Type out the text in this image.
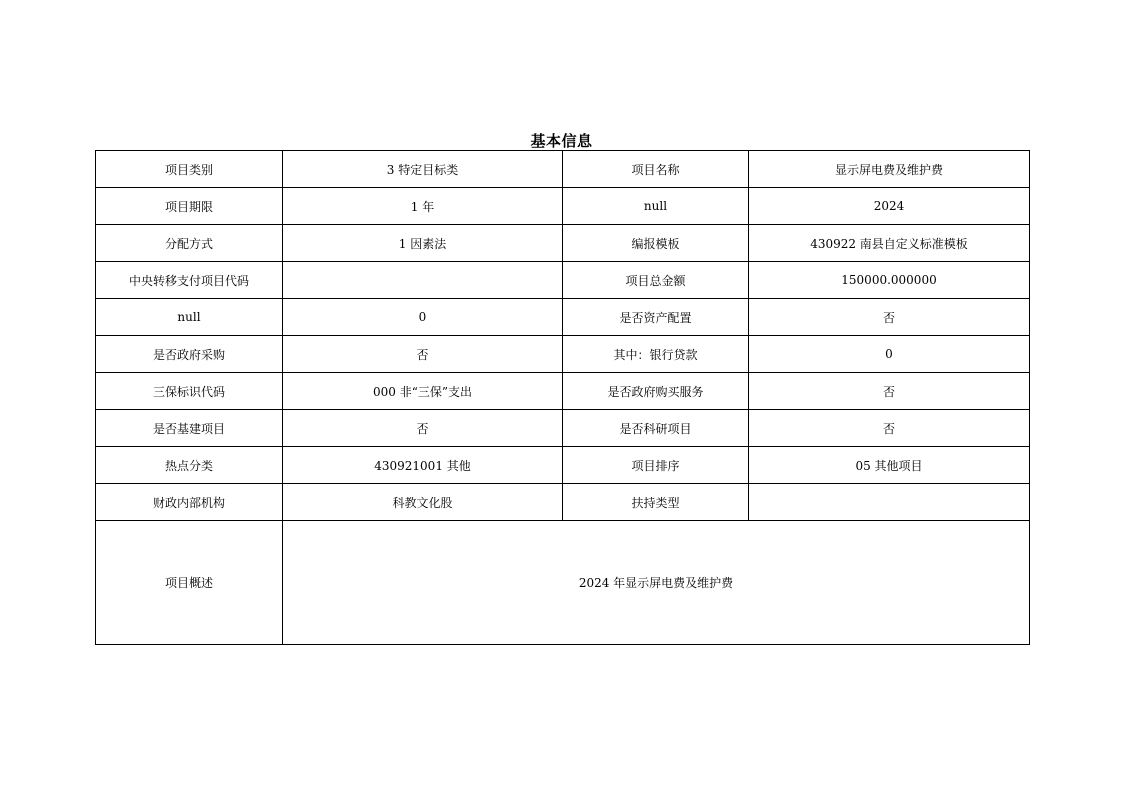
基本信息
项目类别	3 特定目标类	项目名称	显示屏电费及维护费
项目期限	1 年	null	2024
分配方式	1 因素法	编报模板	430922 南县自定义标准模板
中央转移支付项目代码		项目总金额	150000.000000
null	0	是否资产配置	否
是否政府采购	否	其中：银行贷款	0
三保标识代码	000 非“三保”支出	是否政府购买服务	否
是否基建项目	否	是否科研项目	否
热点分类	430921001 其他	项目排序	05 其他项目
财政内部机构	科教文化股	扶持类型	
项目概述	2024 年显示屏电费及维护费		
